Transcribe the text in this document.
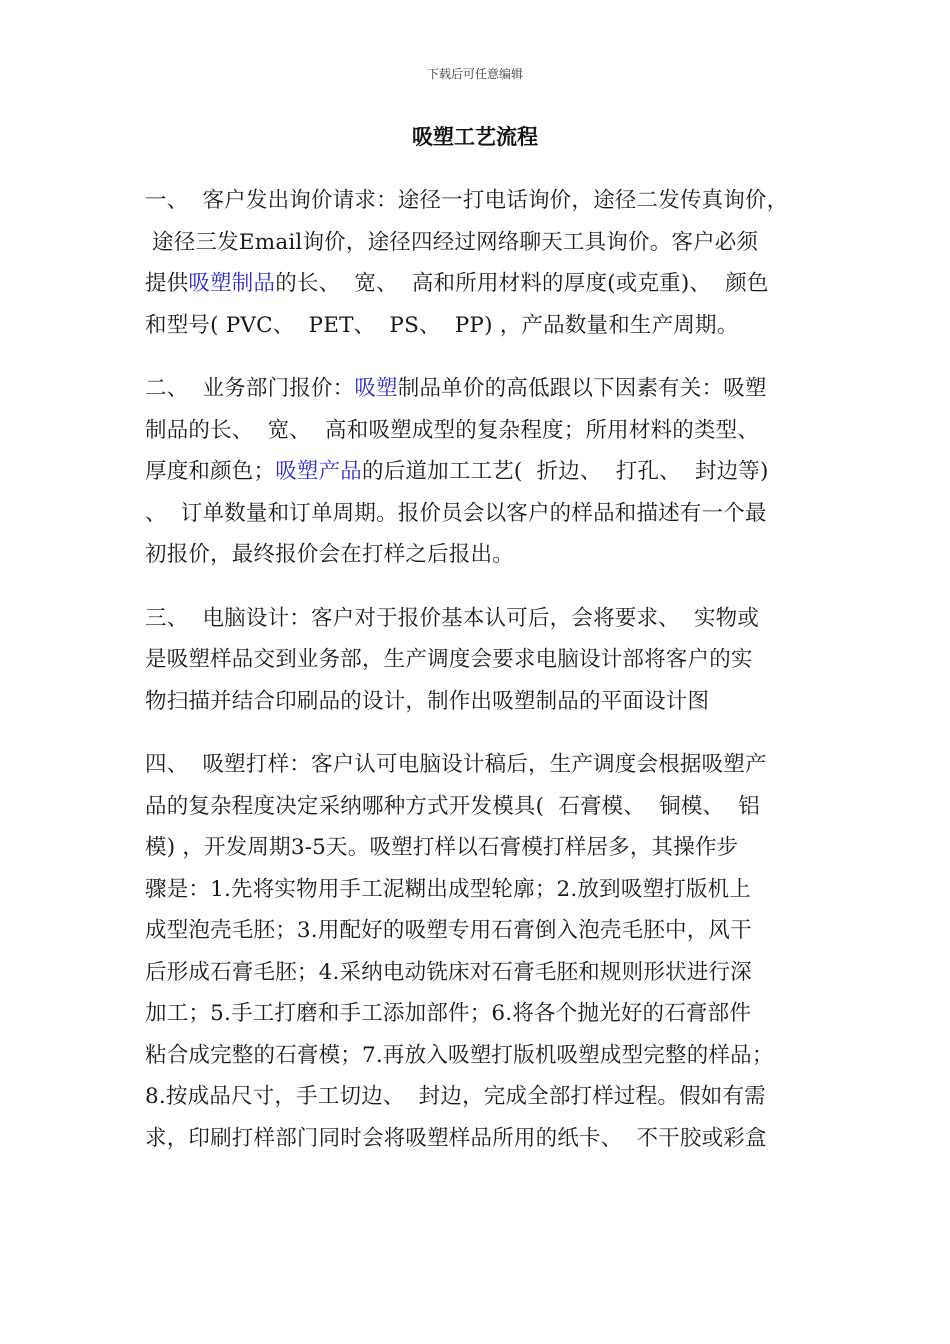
下载后可任意编辑
吸塑工艺流程
一、  客户发出询价请求：途径一打电话询价，途径二发传真询价，
途径三发Email询价，途径四经过网络聊天工具询价。客户必须
提供吸塑制品的长、  宽、  高和所用材料的厚度(或克重)、  颜色
和型号( PVC、  PET、  PS、  PP) ，产品数量和生产周期。
二、  业务部门报价：吸塑制品单价的高低跟以下因素有关：吸塑
制品的长、  宽、  高和吸塑成型的复杂程度；所用材料的类型、
厚度和颜色；吸塑产品的后道加工工艺(  折边、  打孔、  封边等)
、  订单数量和订单周期。报价员会以客户的样品和描述有一个最
初报价，最终报价会在打样之后报出。
三、  电脑设计：客户对于报价基本认可后，会将要求、  实物或
是吸塑样品交到业务部，生产调度会要求电脑设计部将客户的实
物扫描并结合印刷品的设计，制作出吸塑制品的平面设计图
四、  吸塑打样：客户认可电脑设计稿后，生产调度会根据吸塑产
品的复杂程度决定采纳哪种方式开发模具(  石膏模、  铜模、  铝
模) ，开发周期3-5天。吸塑打样以石膏模打样居多，其操作步
骤是：1.先将实物用手工泥糊出成型轮廓；2.放到吸塑打版机上
成型泡壳毛胚；3.用配好的吸塑专用石膏倒入泡壳毛胚中，风干
后形成石膏毛胚；4.采纳电动铣床对石膏毛胚和规则形状进行深
加工；5.手工打磨和手工添加部件；6.将各个抛光好的石膏部件
粘合成完整的石膏模；7.再放入吸塑打版机吸塑成型完整的样品；
8.按成品尺寸，手工切边、  封边，完成全部打样过程。假如有需
求，印刷打样部门同时会将吸塑样品所用的纸卡、  不干胶或彩盒
